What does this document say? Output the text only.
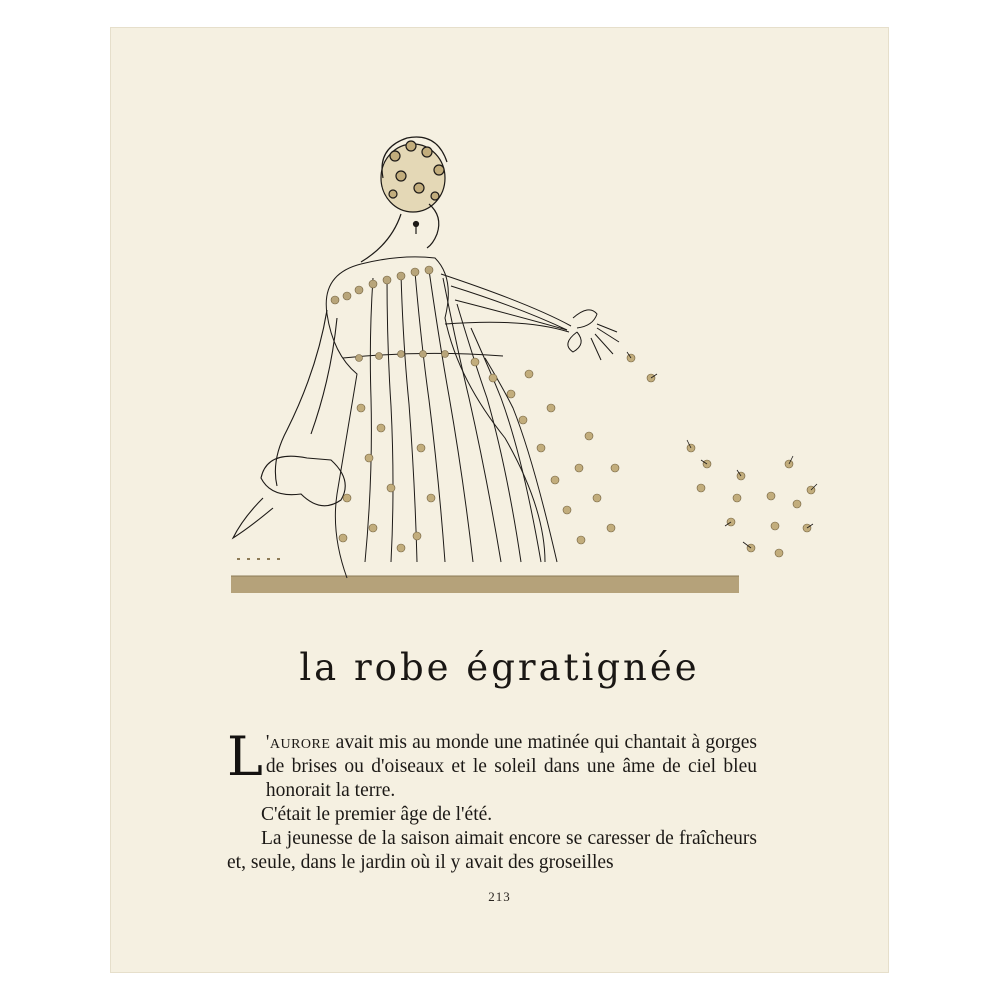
la robe égratignée

L 'aurore avait mis au monde une matinée qui chantait à gorges de brises ou d'oiseaux et le soleil dans une âme de ciel bleu honorait la terre.

C'était le premier âge de l'été.

La jeunesse de la saison aimait encore se caresser de fraîcheurs et, seule, dans le jardin où il y avait des groseilles

213
